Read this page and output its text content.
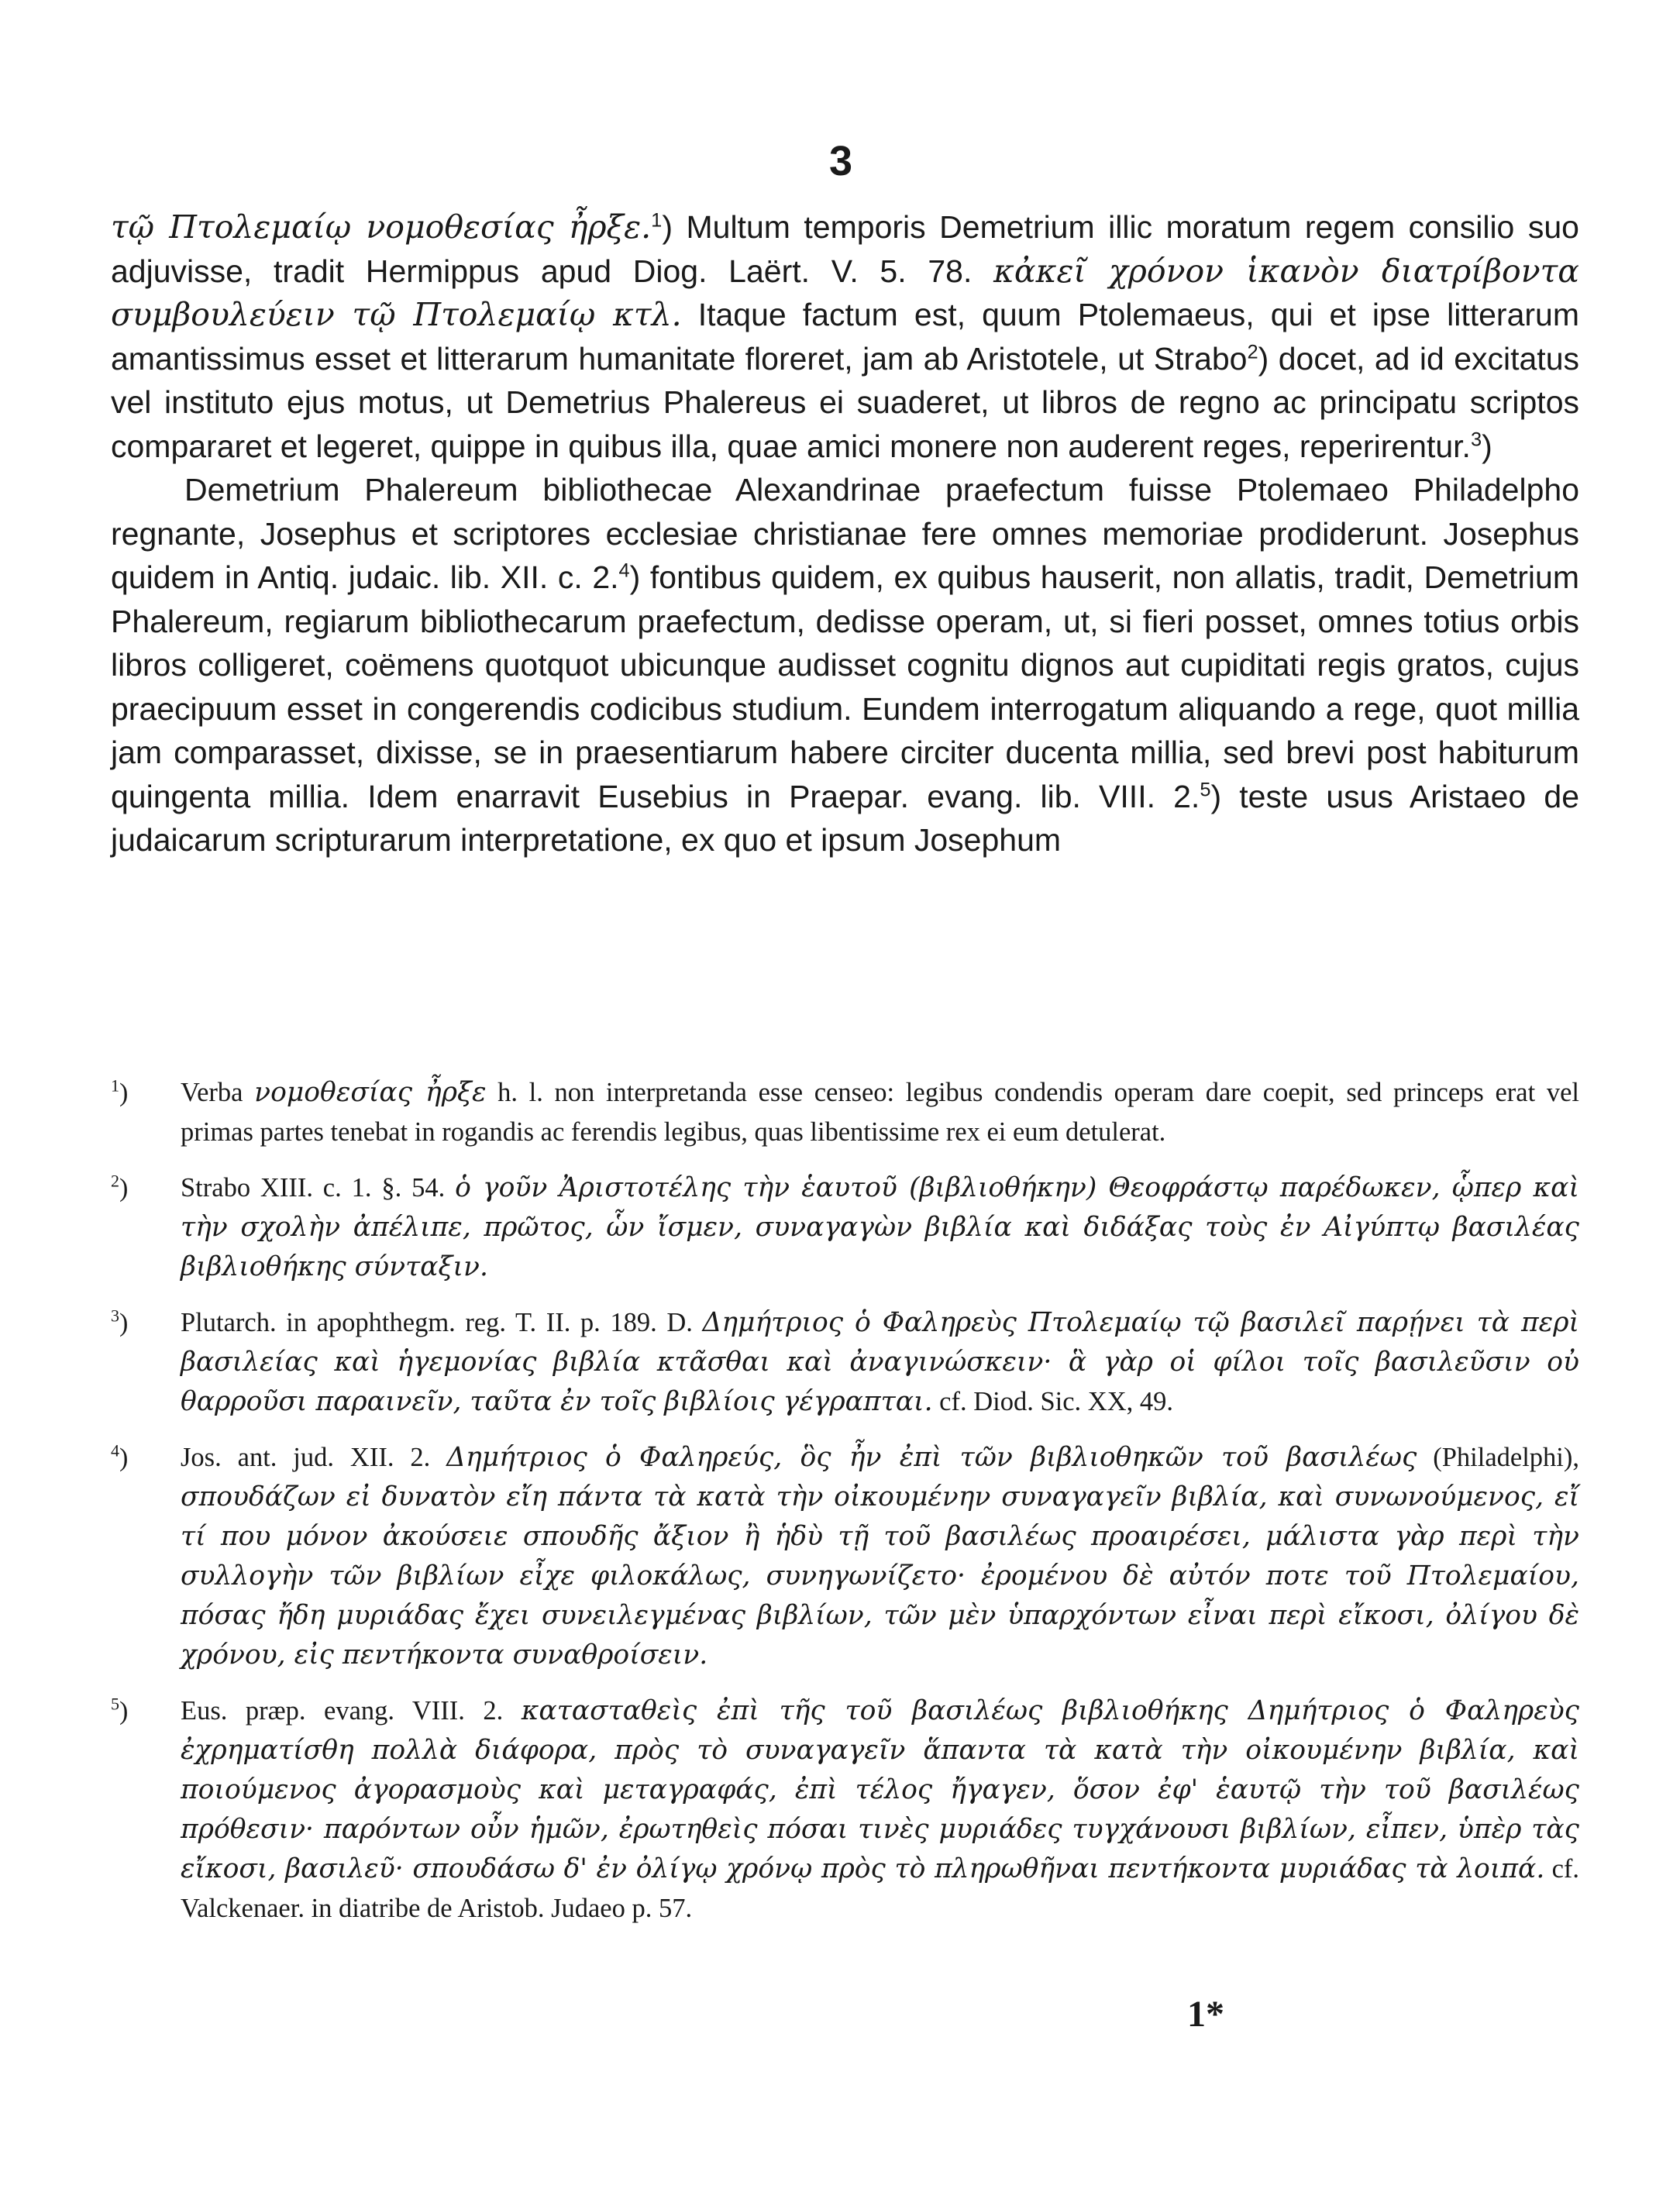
3

τῷ Πτολεμαίῳ νομοθεσίας ἦρξε.$^1$) Multum temporis Demetrium illic moratum regem consilio suo adjuvisse, tradit Hermippus apud Diog. Laërt. V. 5. 78. κἀκεῖ χρόνον ἱκανὸν διατρίβοντα συμβουλεύειν τῷ Πτολεμαίῳ κτλ. Itaque factum est, quum Ptolemaeus, qui et ipse litterarum amantissimus esset et litterarum humanitate floreret, jam ab Aristotele, ut Strabo$^2$) docet, ad id excitatus vel instituto ejus motus, ut Demetrius Phalereus ei suaderet, ut libros de regno ac principatu scriptos compararet et legeret, quippe in quibus illa, quae amici monere non auderent reges, reperirentur.$^3$)

Demetrium Phalereum bibliothecae Alexandrinae praefectum fuisse Ptolemaeo Philadelpho regnante, Josephus et scriptores ecclesiae christianae fere omnes memoriae prodiderunt. Josephus quidem in Antiq. judaic. lib. XII. c. 2.$^4$) fontibus quidem, ex quibus hauserit, non allatis, tradit, Demetrium Phalereum, regiarum bibliothecarum praefectum, dedisse operam, ut, si fieri posset, omnes totius orbis libros colligeret, coëmens quotquot ubicunque audisset cognitu dignos aut cupiditati regis gratos, cujus praecipuum esset in congerendis codicibus studium. Eundem interrogatum aliquando a rege, quot millia jam comparasset, dixisse, se in praesentiarum habere circiter ducenta millia, sed brevi post habiturum quingenta millia. Idem enarravit Eusebius in Praepar. evang. lib. VIII. 2.$^5$) teste usus Aristaeo de judaicarum scripturarum interpretatione, ex quo et ipsum Josephum

$^1$) Verba νομοθεσίας ἦρξε h. l. non interpretanda esse censeo: legibus condendis operam dare coepit, sed princeps erat vel primas partes tenebat in rogandis ac ferendis legibus, quas libentissime rex ei eum detulerat.
$^2$) Strabo XIII. c. 1. §. 54. ὁ γοῦν Ἀριστοτέλης τὴν ἑαυτοῦ (βιβλιοθήκην) Θεοφράστῳ παρέδωκεν, ᾧπερ καὶ τὴν σχολὴν ἀπέλιπε, πρῶτος, ὧν ἴσμεν, συναγαγὼν βιβλία καὶ διδάξας τοὺς ἐν Αἰγύπτῳ βασιλέας βιβλιοθήκης σύνταξιν.
$^3$) Plutarch. in apophthegm. reg. T. II. p. 189. D. Δημήτριος ὁ Φαληρεὺς Πτολεμαίῳ τῷ βασιλεῖ παρῄνει τὰ περὶ βασιλείας καὶ ἡγεμονίας βιβλία κτᾶσθαι καὶ ἀναγινώσκειν· ἃ γὰρ οἱ φίλοι τοῖς βασιλεῦσιν οὐ θαρροῦσι παραινεῖν, ταῦτα ἐν τοῖς βιβλίοις γέγραπται. cf. Diod. Sic. XX, 49.
$^4$) Jos. ant. jud. XII. 2. Δημήτριος ὁ Φαληρεύς, ὃς ἦν ἐπὶ τῶν βιβλιοθηκῶν τοῦ βασιλέως (Philadelphi), σπουδάζων εἰ δυνατὸν εἴη πάντα τὰ κατὰ τὴν οἰκουμένην συναγαγεῖν βιβλία, καὶ συνωνούμενος, εἴ τί που μόνον ἀκούσειε σπουδῆς ἄξιον ἢ ἡδὺ τῇ τοῦ βασιλέως προαιρέσει, μάλιστα γὰρ περὶ τὴν συλλογὴν τῶν βιβλίων εἶχε φιλοκάλως, συνηγωνίζετο· ἐρομένου δὲ αὐτόν ποτε τοῦ Πτολεμαίου, πόσας ἤδη μυριάδας ἔχει συνειλεγμένας βιβλίων, τῶν μὲν ὑπαρχόντων εἶναι περὶ εἴκοσι, ὀλίγου δὲ χρόνου, εἰς πεντήκοντα συναθροίσειν.
$^5$) Eus. præp. evang. VIII. 2. κατασταθεὶς ἐπὶ τῆς τοῦ βασιλέως βιβλιοθήκης Δημήτριος ὁ Φαληρεὺς ἐχρηματίσθη πολλὰ διάφορα, πρὸς τὸ συναγαγεῖν ἅπαντα τὰ κατὰ τὴν οἰκουμένην βιβλία, καὶ ποιούμενος ἀγορασμοὺς καὶ μεταγραφάς, ἐπὶ τέλος ἤγαγεν, ὅσον ἐφ' ἑαυτῷ τὴν τοῦ βασιλέως πρόθεσιν· παρόντων οὖν ἡμῶν, ἐρωτηθεὶς πόσαι τινὲς μυριάδες τυγχάνουσι βιβλίων, εἶπεν, ὑπὲρ τὰς εἴκοσι, βασιλεῦ· σπουδάσω δ' ἐν ὀλίγῳ χρόνῳ πρὸς τὸ πληρωθῆναι πεντήκοντα μυριάδας τὰ λοιπά. cf. Valckenaer. in diatribe de Aristob. Judaeo p. 57.
1*
